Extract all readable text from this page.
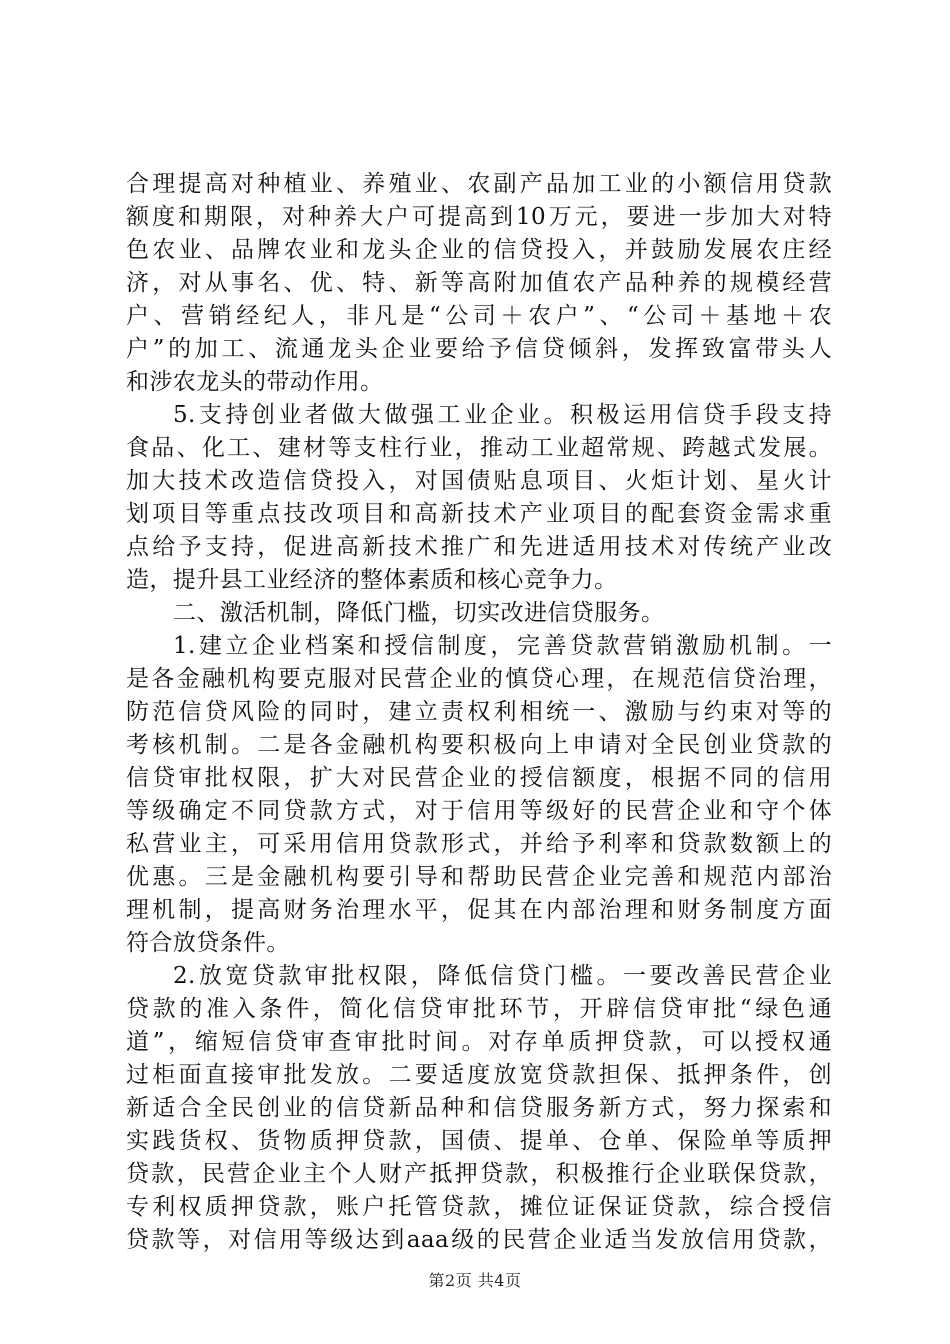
合理提高对种植业、养殖业、农副产品加工业的小额信用贷款
额度和期限，对种养大户可提高到10万元，要进一步加大对特
色农业、品牌农业和龙头企业的信贷投入，并鼓励发展农庄经
济，对从事名、优、特、新等高附加值农产品种养的规模经营
户、营销经纪人，非凡是“公司＋农户”、“公司＋基地＋农
户”的加工、流通龙头企业要给予信贷倾斜，发挥致富带头人
和涉农龙头的带动作用。
5.支持创业者做大做强工业企业。积极运用信贷手段支持
食品、化工、建材等支柱行业，推动工业超常规、跨越式发展。
加大技术改造信贷投入，对国债贴息项目、火炬计划、星火计
划项目等重点技改项目和高新技术产业项目的配套资金需求重
点给予支持，促进高新技术推广和先进适用技术对传统产业改
造，提升县工业经济的整体素质和核心竞争力。
二、激活机制，降低门槛，切实改进信贷服务。
1.建立企业档案和授信制度，完善贷款营销激励机制。一
是各金融机构要克服对民营企业的慎贷心理，在规范信贷治理，
防范信贷风险的同时，建立责权利相统一、激励与约束对等的
考核机制。二是各金融机构要积极向上申请对全民创业贷款的
信贷审批权限，扩大对民营企业的授信额度，根据不同的信用
等级确定不同贷款方式，对于信用等级好的民营企业和守个体
私营业主，可采用信用贷款形式，并给予利率和贷款数额上的
优惠。三是金融机构要引导和帮助民营企业完善和规范内部治
理机制，提高财务治理水平，促其在内部治理和财务制度方面
符合放贷条件。
2.放宽贷款审批权限，降低信贷门槛。一要改善民营企业
贷款的准入条件，简化信贷审批环节，开辟信贷审批“绿色通
道”，缩短信贷审查审批时间。对存单质押贷款，可以授权通
过柜面直接审批发放。二要适度放宽贷款担保、抵押条件，创
新适合全民创业的信贷新品种和信贷服务新方式，努力探索和
实践货权、货物质押贷款，国债、提单、仓单、保险单等质押
贷款，民营企业主个人财产抵押贷款，积极推行企业联保贷款，
专利权质押贷款，账户托管贷款，摊位证保证贷款，综合授信
贷款等，对信用等级达到aaa级的民营企业适当发放信用贷款，
第2页 共4页
